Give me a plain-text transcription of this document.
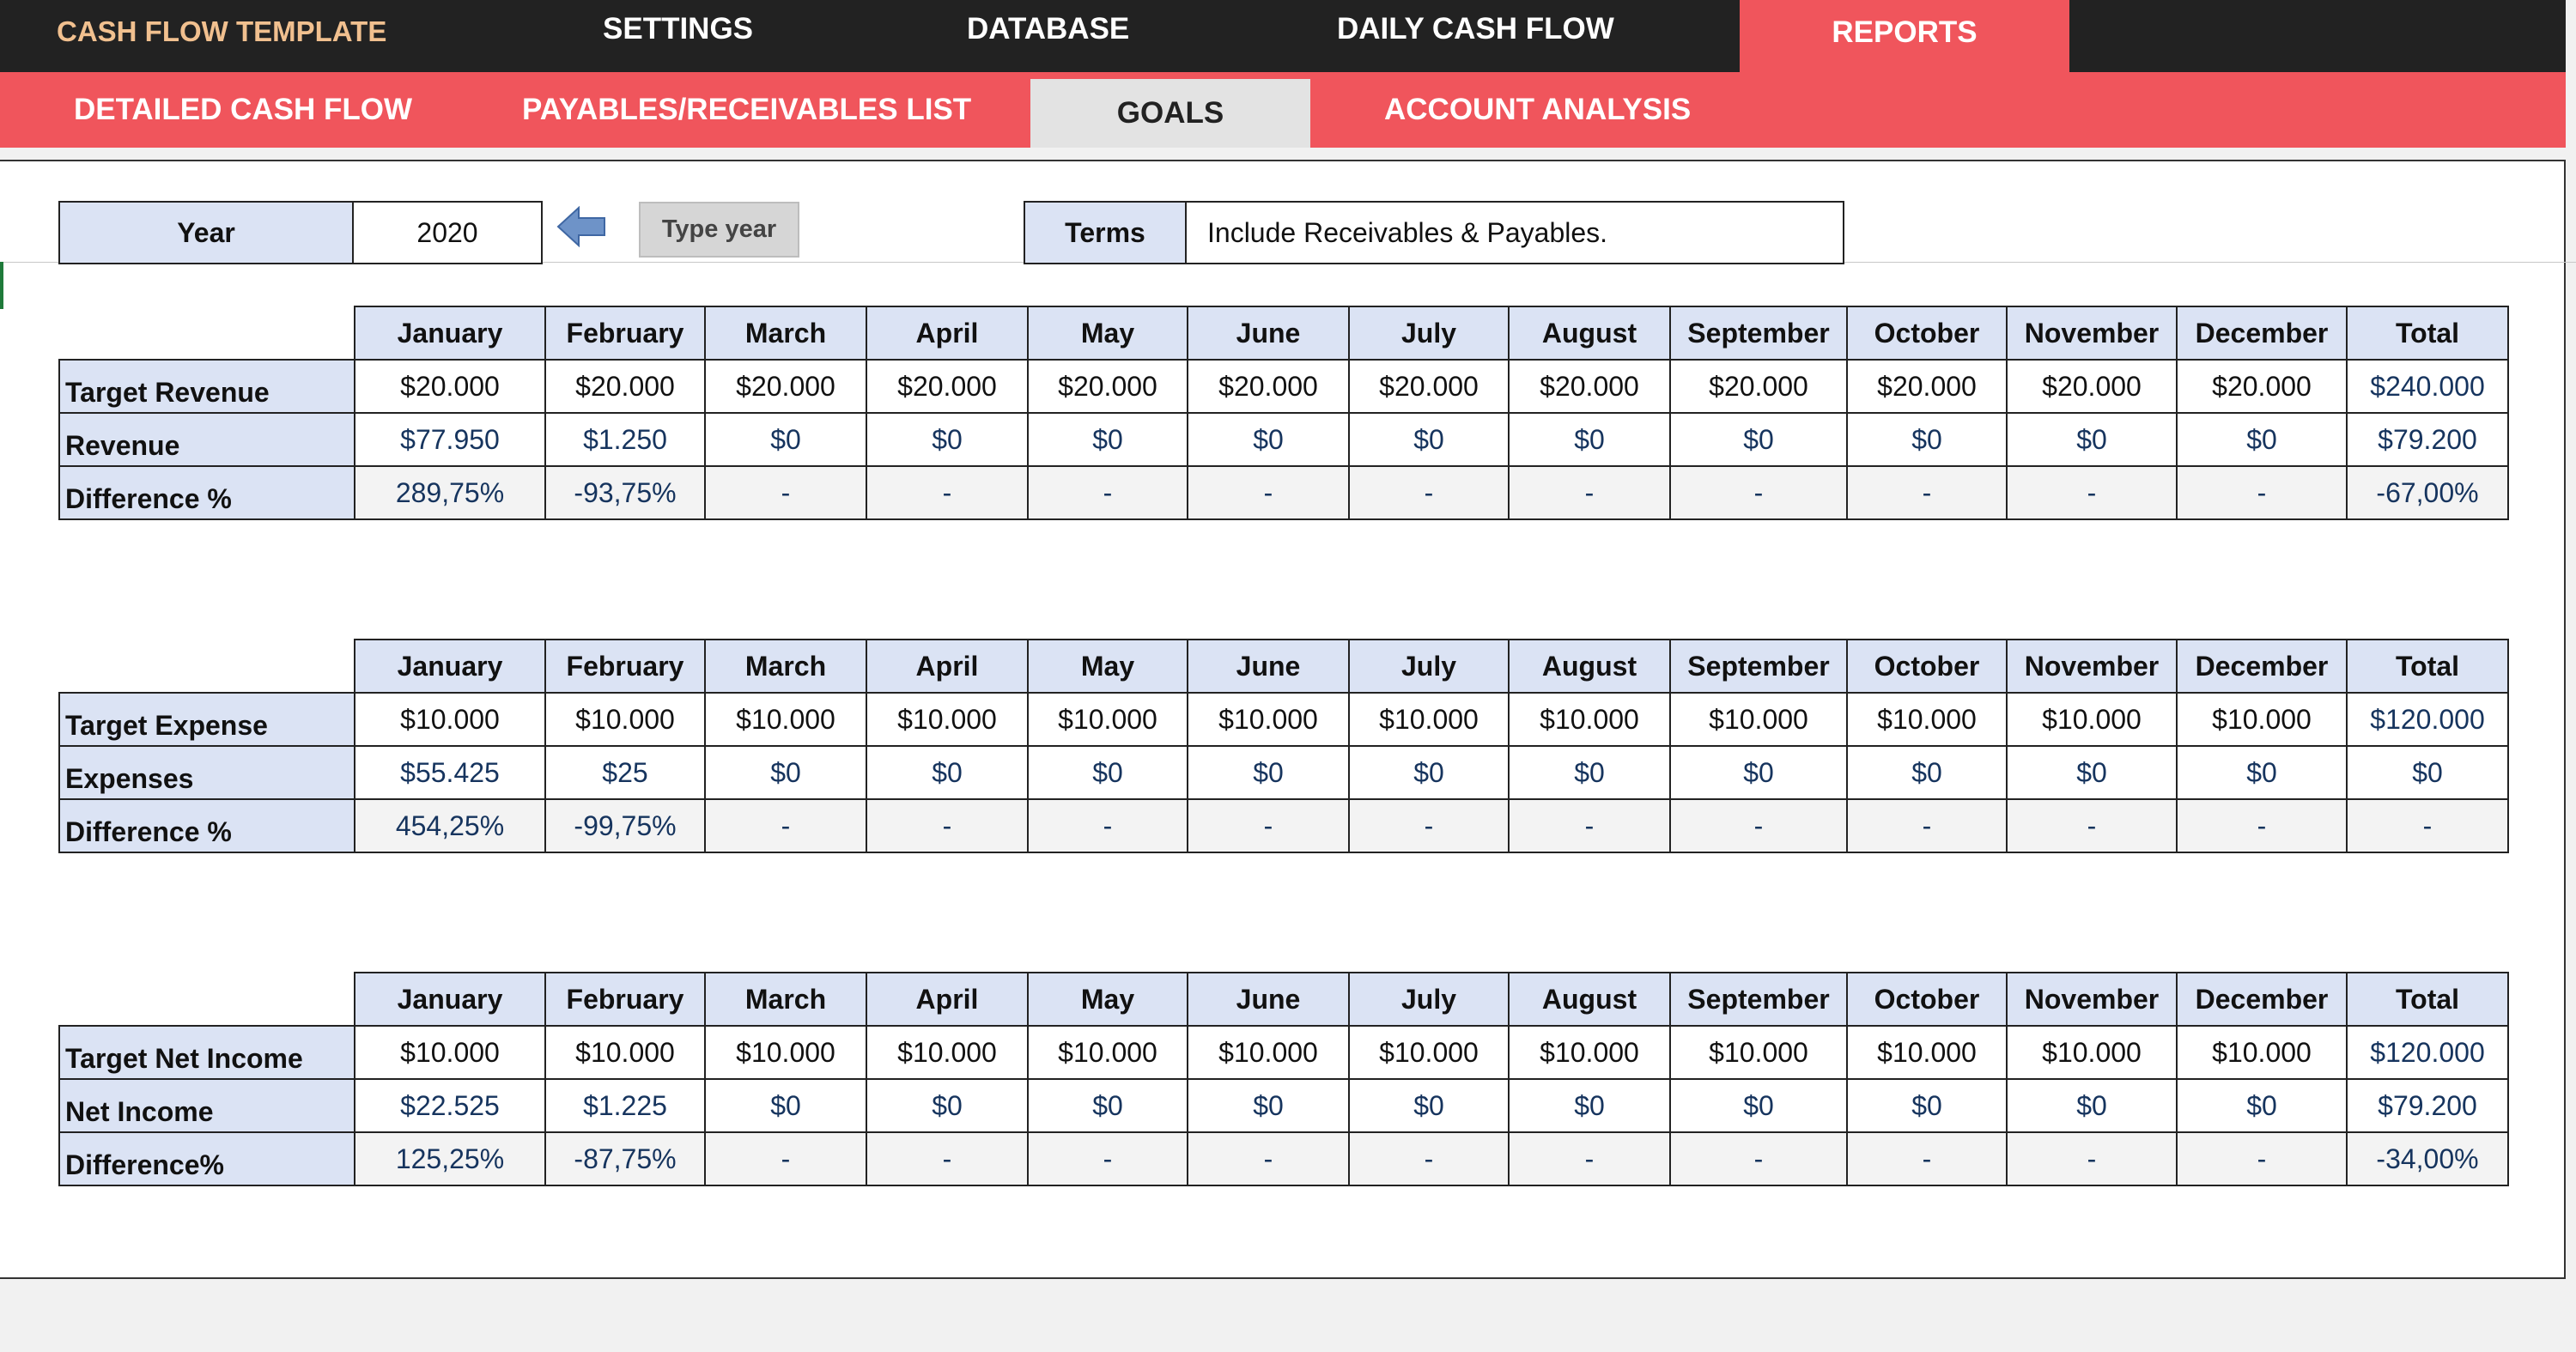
CASH FLOW TEMPLATE	SETTINGS	DATABASE	DAILY CASH FLOW	REPORTS
DETAILED CASH FLOW	PAYABLES/RECEIVABLES LIST	GOALS	ACCOUNT ANALYSIS
Year	2020	Type year	Terms	Include Receivables & Payables.
	January	February	March	April	May	June	July	August	September	October	November	December	Total
Target Revenue	$20.000	$20.000	$20.000	$20.000	$20.000	$20.000	$20.000	$20.000	$20.000	$20.000	$20.000	$20.000	$240.000
Revenue	$77.950	$1.250	$0	$0	$0	$0	$0	$0	$0	$0	$0	$0	$79.200
Difference %	289,75%	-93,75%	-	-	-	-	-	-	-	-	-	-	-67,00%
	January	February	March	April	May	June	July	August	September	October	November	December	Total
Target Expense	$10.000	$10.000	$10.000	$10.000	$10.000	$10.000	$10.000	$10.000	$10.000	$10.000	$10.000	$10.000	$120.000
Expenses	$55.425	$25	$0	$0	$0	$0	$0	$0	$0	$0	$0	$0	$0
Difference %	454,25%	-99,75%	-	-	-	-	-	-	-	-	-	-	-
	January	February	March	April	May	June	July	August	September	October	November	December	Total
Target Net Income	$10.000	$10.000	$10.000	$10.000	$10.000	$10.000	$10.000	$10.000	$10.000	$10.000	$10.000	$10.000	$120.000
Net Income	$22.525	$1.225	$0	$0	$0	$0	$0	$0	$0	$0	$0	$0	$79.200
Difference%	125,25%	-87,75%	-	-	-	-	-	-	-	-	-	-	-34,00%
